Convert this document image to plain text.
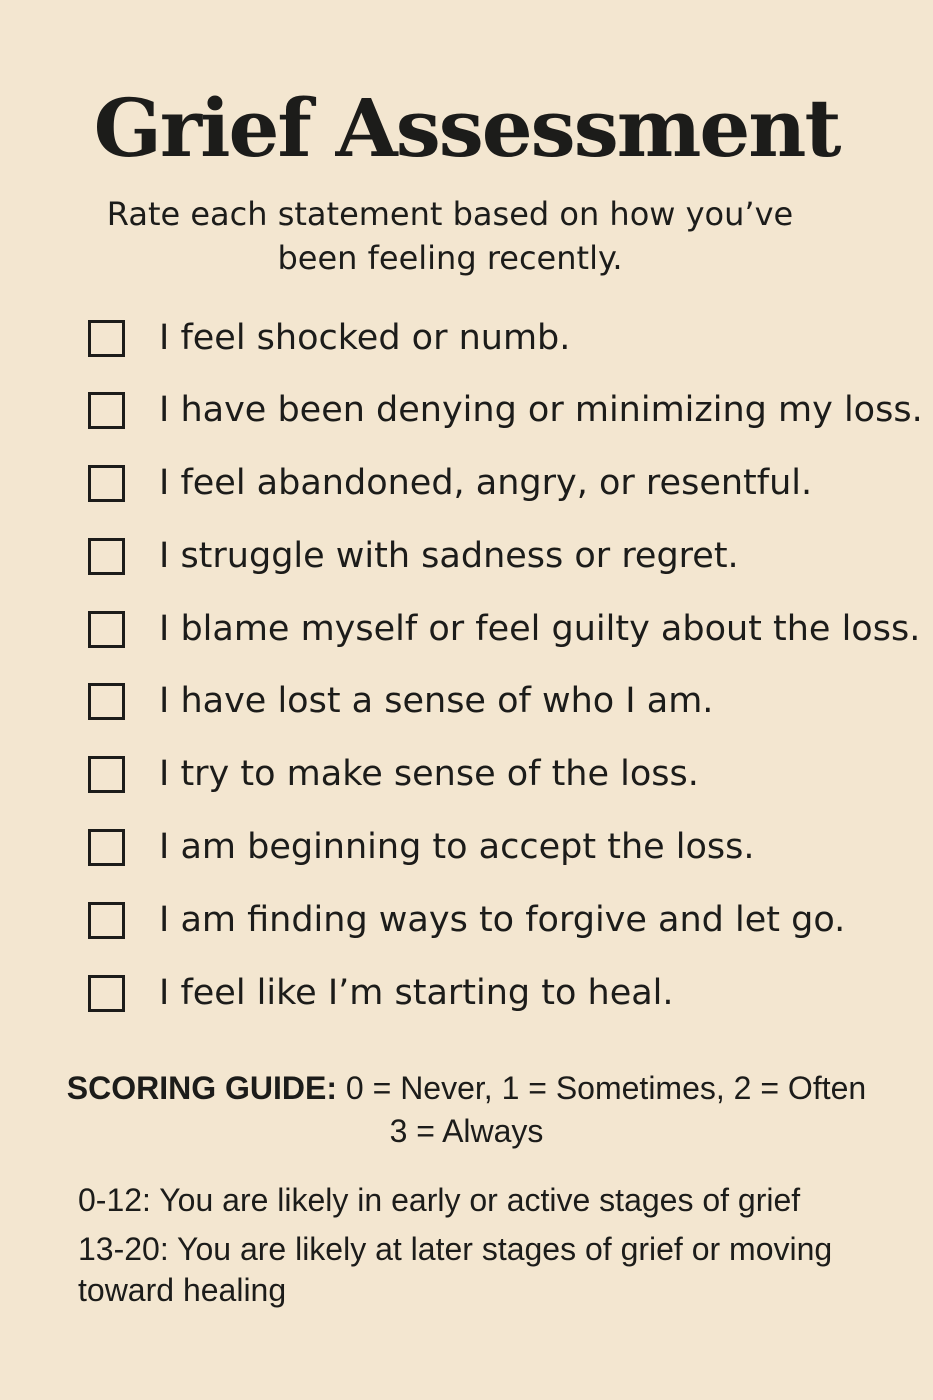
Grief Assessment
Rate each statement based on how you’ve
been feeling recently.
I feel shocked or numb.
I have been denying or minimizing my loss.
I feel abandoned, angry, or resentful.
I struggle with sadness or regret.
I blame myself or feel guilty about the loss.
I have lost a sense of who I am.
I try to make sense of the loss.
I am beginning to accept the loss.
I am finding ways to forgive and let go.
I feel like I’m starting to heal.
SCORING GUIDE: 0 = Never, 1 = Sometimes, 2 = Often
3 = Always

0-12: You are likely in early or active stages of grief

13-20: You are likely at later stages of grief or moving toward healing
